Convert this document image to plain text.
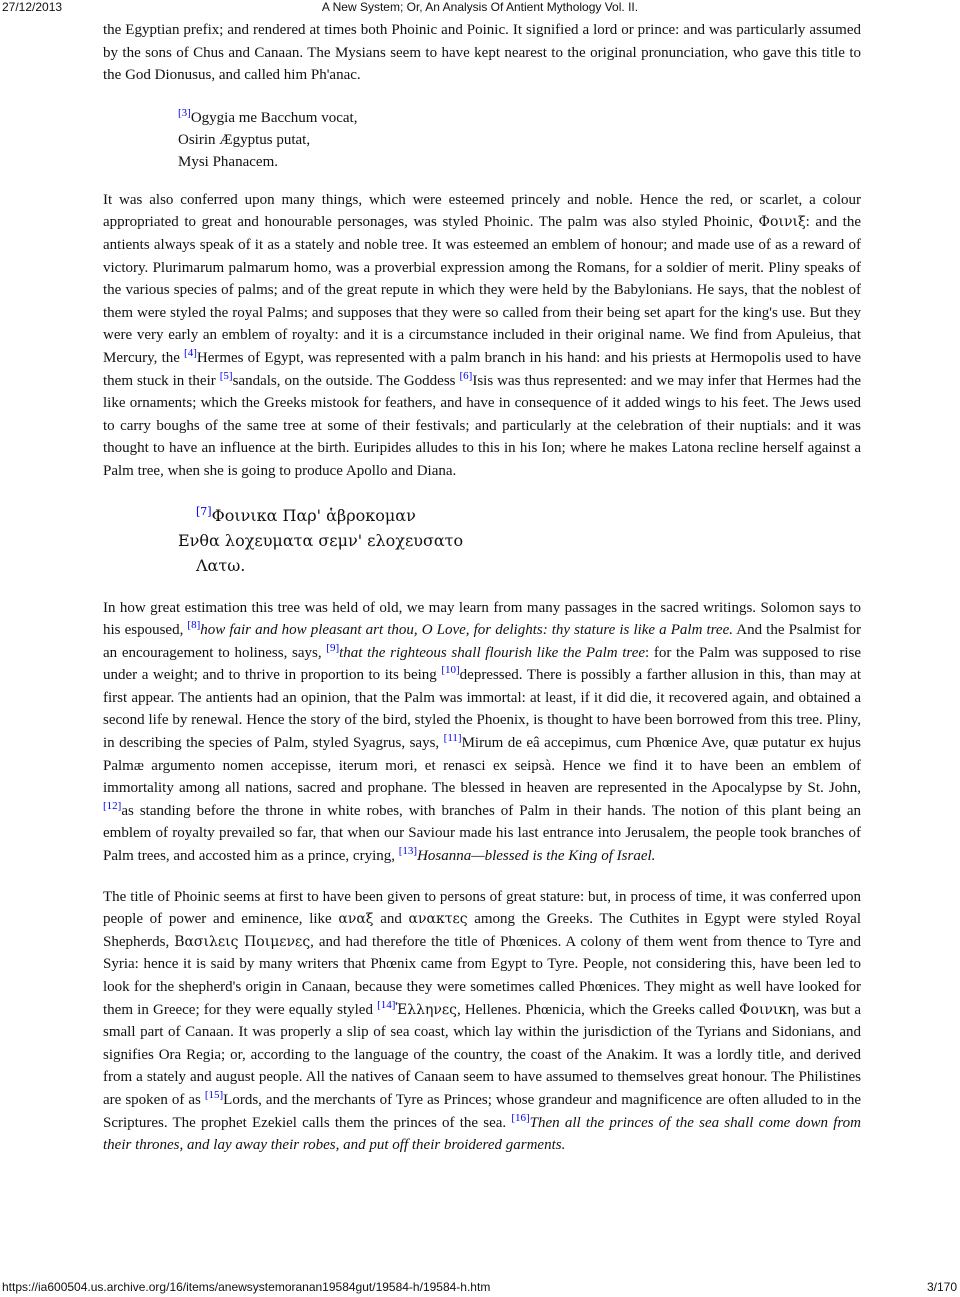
27/12/2013	A New System; Or, An Analysis Of Antient Mythology Vol. II.

the Egyptian prefix; and rendered at times both Phoinic and Poinic. It signified a lord or prince: and was particularly assumed by the sons of Chus and Canaan. The Mysians seem to have kept nearest to the original pronunciation, who gave this title to the God Dionusus, and called him Ph'anac.

[3]Ogygia me Bacchum vocat,
Osirin Ægyptus putat,
Mysi Phanacem.

It was also conferred upon many things, which were esteemed princely and noble. Hence the red, or scarlet, a colour appropriated to great and honourable personages, was styled Phoinic. The palm was also styled Phoinic, Φοινιξ: and the antients always speak of it as a stately and noble tree. It was esteemed an emblem of honour; and made use of as a reward of victory. Plurimarum palmarum homo, was a proverbial expression among the Romans, for a soldier of merit. Pliny speaks of the various species of palms; and of the great repute in which they were held by the Babylonians. He says, that the noblest of them were styled the royal Palms; and supposes that they were so called from their being set apart for the king's use. But they were very early an emblem of royalty: and it is a circumstance included in their original name. We find from Apuleius, that Mercury, the [4]Hermes of Egypt, was represented with a palm branch in his hand: and his priests at Hermopolis used to have them stuck in their [5]sandals, on the outside. The Goddess [6]Isis was thus represented: and we may infer that Hermes had the like ornaments; which the Greeks mistook for feathers, and have in consequence of it added wings to his feet. The Jews used to carry boughs of the same tree at some of their festivals; and particularly at the celebration of their nuptials: and it was thought to have an influence at the birth. Euripides alludes to this in his Ion; where he makes Latona recline herself against a Palm tree, when she is going to produce Apollo and Diana.

[7]Φοινικα Παρ' ἁβροκομαν
Ενθα λοχευματα σεμν' ελοχευσατο
Λατω.

In how great estimation this tree was held of old, we may learn from many passages in the sacred writings. Solomon says to his espoused, [8]how fair and how pleasant art thou, O Love, for delights: thy stature is like a Palm tree. And the Psalmist for an encouragement to holiness, says, [9]that the righteous shall flourish like the Palm tree: for the Palm was supposed to rise under a weight; and to thrive in proportion to its being [10]depressed. There is possibly a farther allusion in this, than may at first appear. The antients had an opinion, that the Palm was immortal: at least, if it did die, it recovered again, and obtained a second life by renewal. Hence the story of the bird, styled the Phoenix, is thought to have been borrowed from this tree. Pliny, in describing the species of Palm, styled Syagrus, says, [11]Mirum de eâ accepimus, cum Phœnice Ave, quæ putatur ex hujus Palmæ argumento nomen accepisse, iterum mori, et renasci ex seipsà. Hence we find it to have been an emblem of immortality among all nations, sacred and prophane. The blessed in heaven are represented in the Apocalypse by St. John, [12]as standing before the throne in white robes, with branches of Palm in their hands. The notion of this plant being an emblem of royalty prevailed so far, that when our Saviour made his last entrance into Jerusalem, the people took branches of Palm trees, and accosted him as a prince, crying, [13]Hosanna—blessed is the King of Israel.

The title of Phoinic seems at first to have been given to persons of great stature: but, in process of time, it was conferred upon people of power and eminence, like αναξ and ανακτες among the Greeks. The Cuthites in Egypt were styled Royal Shepherds, Βασιλεις Ποιμενες, and had therefore the title of Phœnices. A colony of them went from thence to Tyre and Syria: hence it is said by many writers that Phœnix came from Egypt to Tyre. People, not considering this, have been led to look for the shepherd's origin in Canaan, because they were sometimes called Phœnices. They might as well have looked for them in Greece; for they were equally styled [14]Ἑλληνες, Hellenes. Phœnicia, which the Greeks called Φοινικη, was but a small part of Canaan. It was properly a slip of sea coast, which lay within the jurisdiction of the Tyrians and Sidonians, and signifies Ora Regia; or, according to the language of the country, the coast of the Anakim. It was a lordly title, and derived from a stately and august people. All the natives of Canaan seem to have assumed to themselves great honour. The Philistines are spoken of as [15]Lords, and the merchants of Tyre as Princes; whose grandeur and magnificence are often alluded to in the Scriptures. The prophet Ezekiel calls them the princes of the sea. [16]Then all the princes of the sea shall come down from their thrones, and lay away their robes, and put off their broidered garments.

https://ia600504.us.archive.org/16/items/anewsystemoranan19584gut/19584-h/19584-h.htm	3/170
